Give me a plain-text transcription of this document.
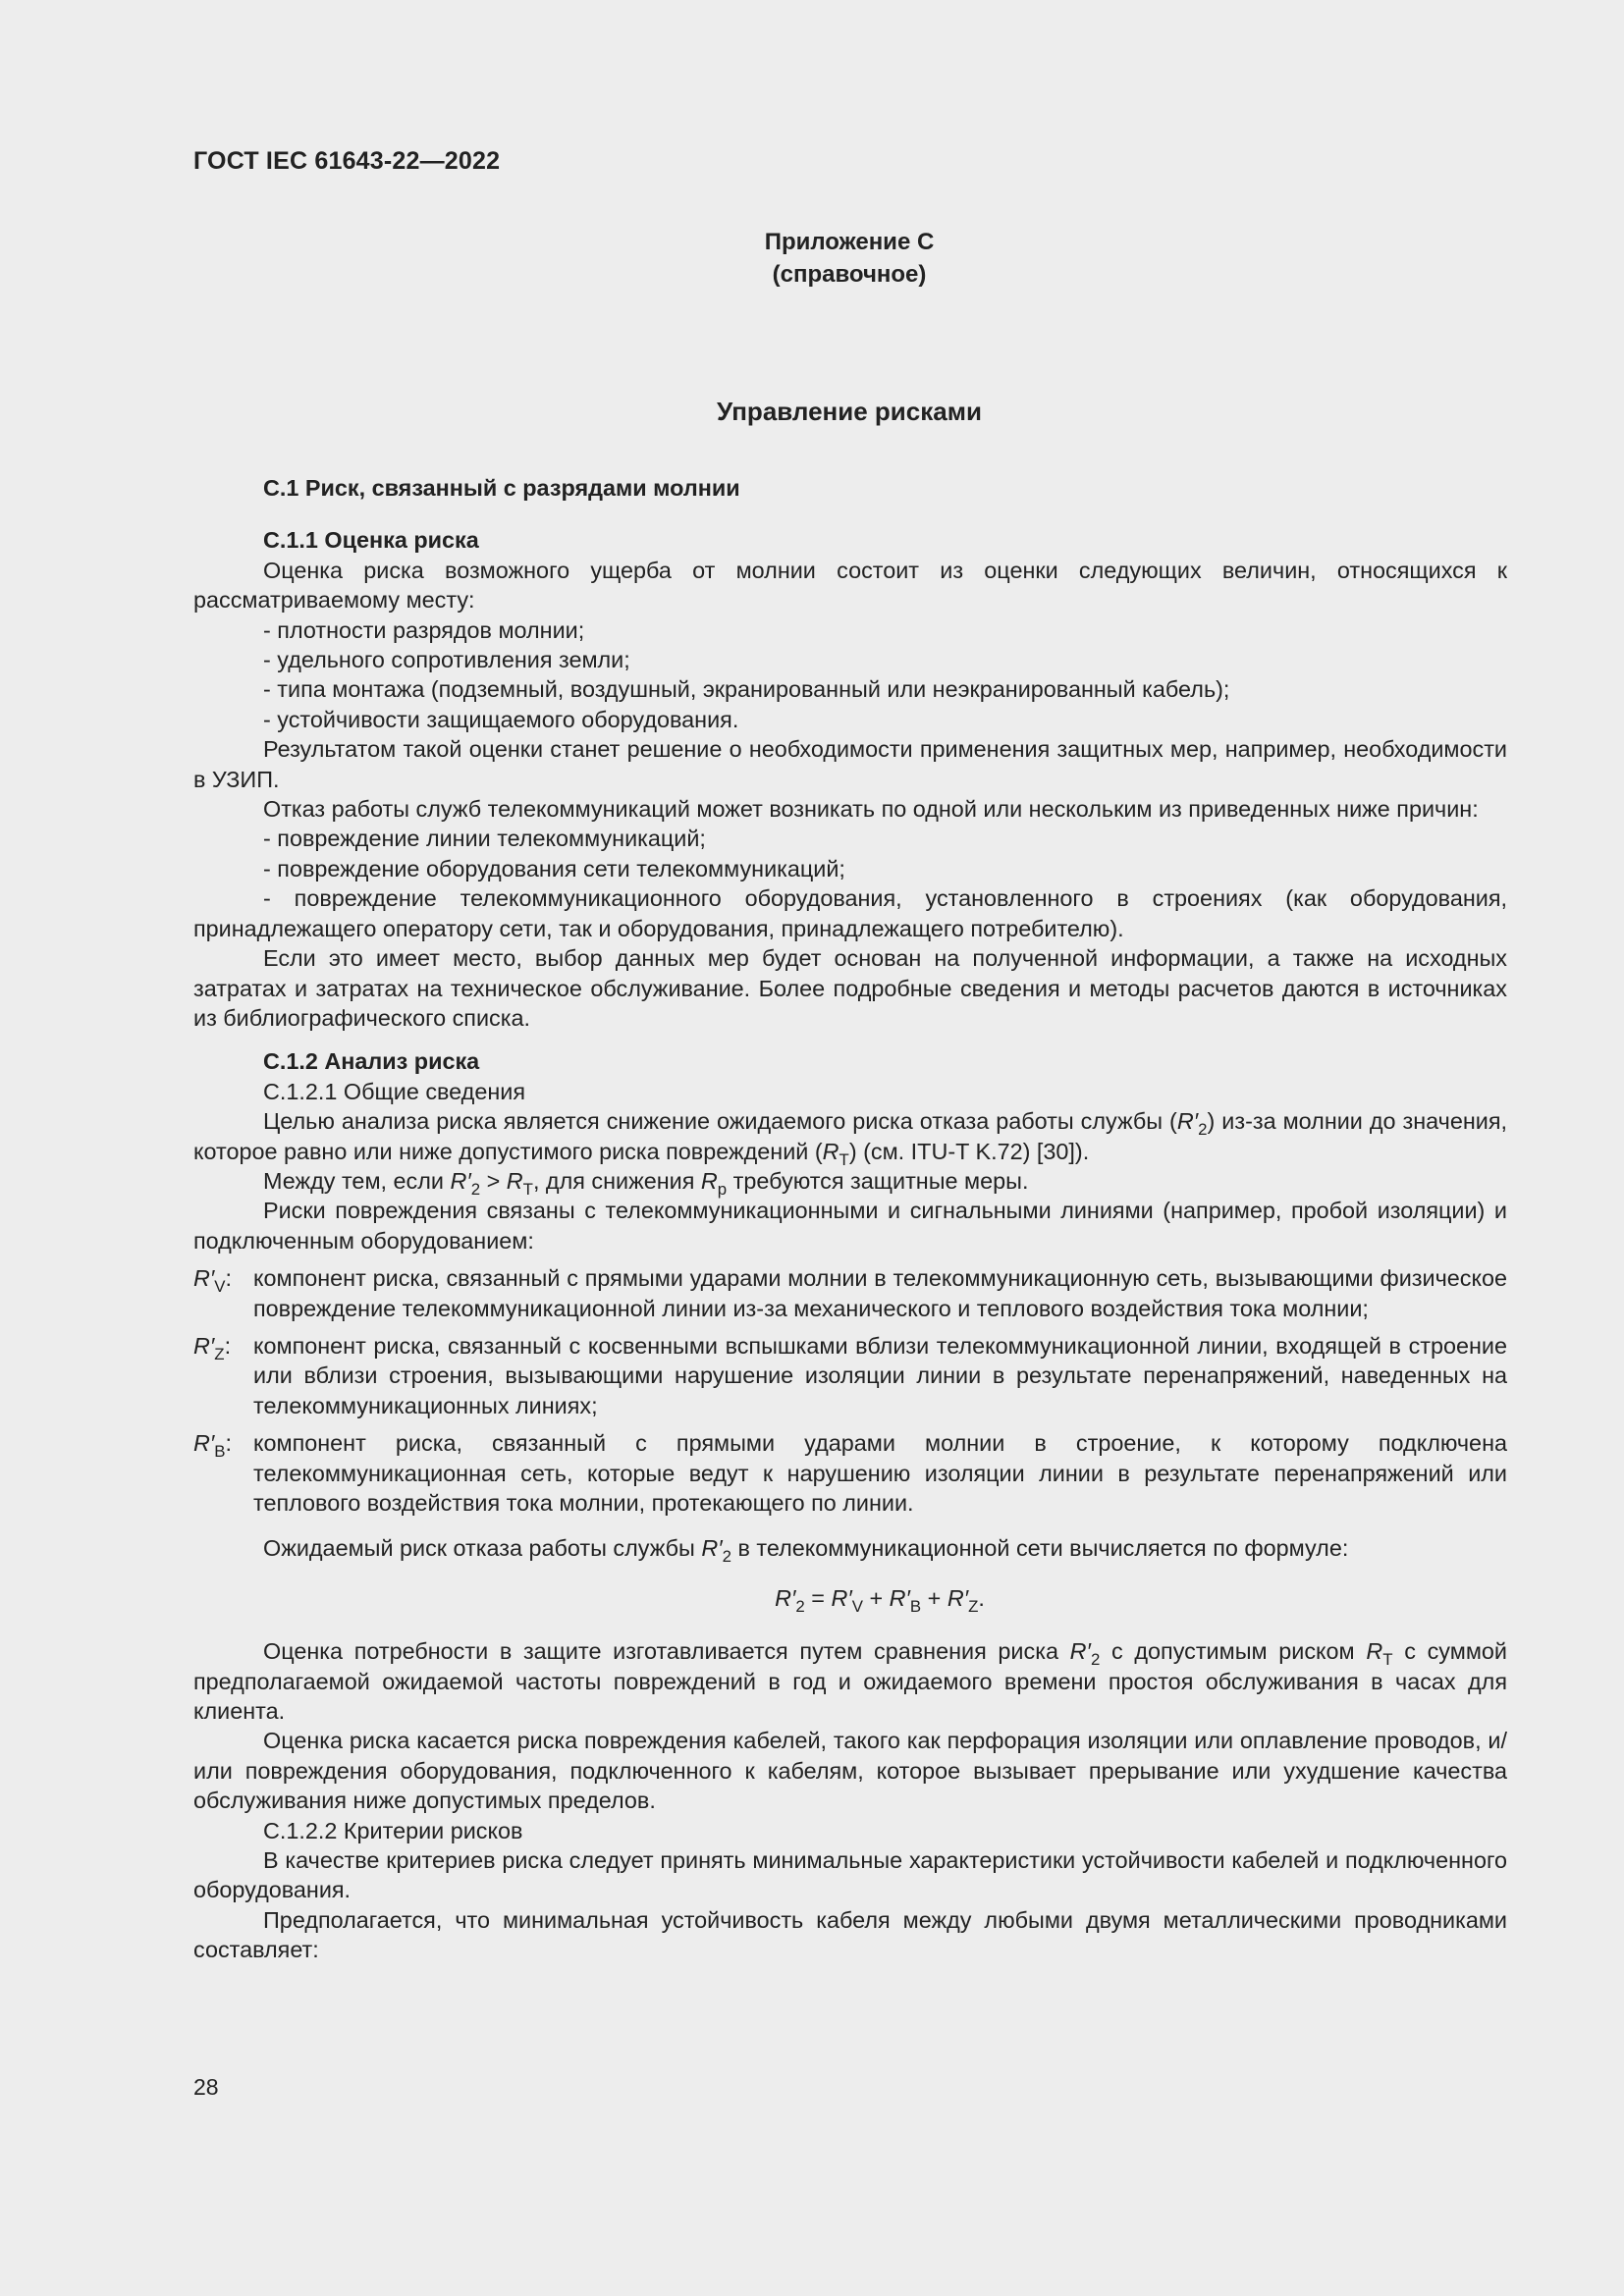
ГОСТ IEC 61643-22—2022
Приложение С
(справочное)
Управление рисками
С.1 Риск, связанный с разрядами молнии
С.1.1 Оценка риска
Оценка риска возможного ущерба от молнии состоит из оценки следующих величин, относящихся к рассматриваемому месту:
- плотности разрядов молнии;
- удельного сопротивления земли;
- типа монтажа (подземный, воздушный, экранированный или неэкранированный кабель);
- устойчивости защищаемого оборудования.
Результатом такой оценки станет решение о необходимости применения защитных мер, например, необходимости в УЗИП.
Отказ работы служб телекоммуникаций может возникать по одной или нескольким из приведенных ниже причин:
- повреждение линии телекоммуникаций;
- повреждение оборудования сети телекоммуникаций;
- повреждение телекоммуникационного оборудования, установленного в строениях (как оборудования, принадлежащего оператору сети, так и оборудования, принадлежащего потребителю).
Если это имеет место, выбор данных мер будет основан на полученной информации, а также на исходных затратах и затратах на техническое обслуживание. Более подробные сведения и методы расчетов даются в источниках из библиографического списка.
С.1.2 Анализ риска
С.1.2.1 Общие сведения
Целью анализа риска является снижение ожидаемого риска отказа работы службы $(R'_2)$ из-за молнии до значения, которое равно или ниже допустимого риска повреждений $(R_T)$ (см. ITU-T K.72) [30]).
Между тем, если $R'_2 > R_T$, для снижения $R_p$ требуются защитные меры.
Риски повреждения связаны с телекоммуникационными и сигнальными линиями (например, пробой изоляции) и подключенным оборудованием:
$R'_V$: компонент риска, связанный с прямыми ударами молнии в телекоммуникационную сеть, вызывающими физическое повреждение телекоммуникационной линии из-за механического и теплового воздействия тока молнии;
$R'_Z$: компонент риска, связанный с косвенными вспышками вблизи телекоммуникационной линии, входящей в строение или вблизи строения, вызывающими нарушение изоляции линии в результате перенапряжений, наведенных на телекоммуникационных линиях;
$R'_B$: компонент риска, связанный с прямыми ударами молнии в строение, к которому подключена телекоммуникационная сеть, которые ведут к нарушению изоляции линии в результате перенапряжений или теплового воздействия тока молнии, протекающего по линии.
Ожидаемый риск отказа работы службы $R'_2$ в телекоммуникационной сети вычисляется по формуле:
$R'_2 = R'_V + R'_B + R'_Z$.
Оценка потребности в защите изготавливается путем сравнения риска $R'_2$ с допустимым риском $R_T$ с суммой предполагаемой ожидаемой частоты повреждений в год и ожидаемого времени простоя обслуживания в часах для клиента.
Оценка риска касается риска повреждения кабелей, такого как перфорация изоляции или оплавление проводов, и/или повреждения оборудования, подключенного к кабелям, которое вызывает прерывание или ухудшение качества обслуживания ниже допустимых пределов.
С.1.2.2 Критерии рисков
В качестве критериев риска следует принять минимальные характеристики устойчивости кабелей и подключенного оборудования.
Предполагается, что минимальная устойчивость кабеля между любыми двумя металлическими проводниками составляет:
28
